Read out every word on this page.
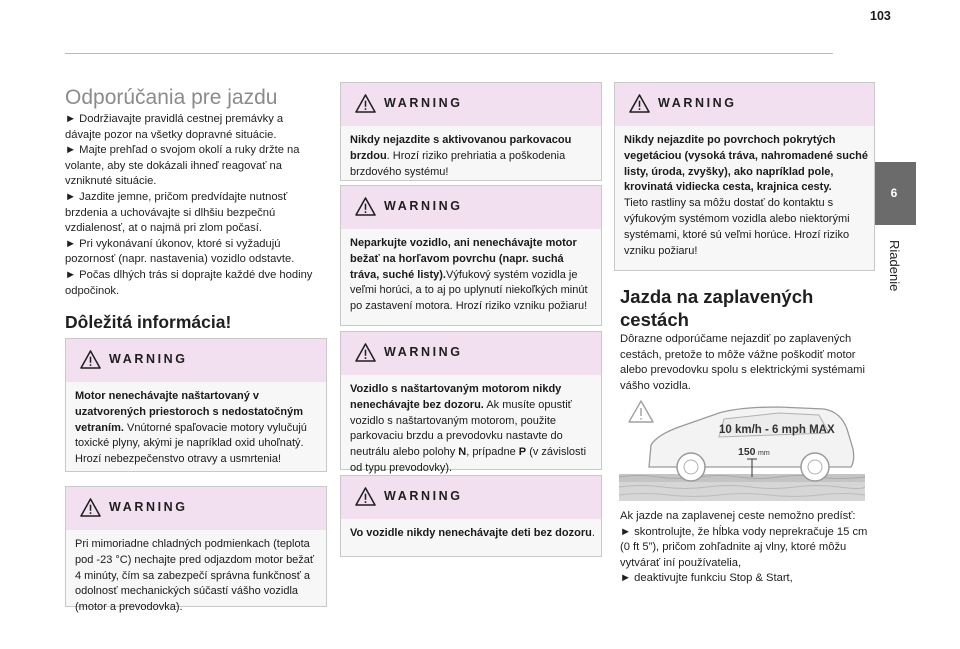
103
6
Riadenie
Odporúčania pre jazdu
► Dodržiavajte pravidlá cestnej premávky a dávajte pozor na všetky dopravné situácie.
► Majte prehľad o svojom okolí a ruky držte na volante, aby ste dokázali ihneď reagovať na vzniknuté situácie.
► Jazdite jemne, pričom predvídajte nutnosť brzdenia a uchovávajte si dlhšiu bezpečnú vzdialenosť, at o najmä pri zlom počasí.
► Pri vykonávaní úkonov, ktoré si vyžadujú pozornosť (napr. nastavenia) vozidlo odstavte.
► Počas dlhých trás si doprajte každé dve hodiny odpočinok.
Dôležitá informácia!
WARNING
Motor nenechávajte naštartovaný v uzatvorených priestoroch s nedostatočným vetraním. Vnútorné spaľovacie motory vylučujú toxické plyny, akými je napríklad oxid uhoľnatý. Hrozí nebezpečenstvo otravy a usmrtenia!
WARNING
Pri mimoriadne chladných podmienkach (teplota pod -23 °C) nechajte pred odjazdom motor bežať 4 minúty, čím sa zabezpečí správna funkčnosť a odolnosť mechanických súčastí vášho vozidla (motor a prevodovka).
WARNING
Nikdy nejazdite s aktivovanou parkovacou brzdou. Hrozí riziko prehriatia a poškodenia brzdového systému!
WARNING
Neparkujte vozidlo, ani nenechávajte motor bežať na horľavom povrchu (napr. suchá tráva, suché listy).Výfukový systém vozidla je veľmi horúci, a to aj po uplynutí niekoľkých minút po zastavení motora. Hrozí riziko vzniku požiaru!
WARNING
Vozidlo s naštartovaným motorom nikdy nenechávajte bez dozoru. Ak musíte opustiť vozidlo s naštartovaným motorom, použite parkovaciu brzdu a prevodovku nastavte do neutrálu alebo polohy N, prípadne P (v závislosti od typu prevodovky).
WARNING
Vo vozidle nikdy nenechávajte deti bez dozoru.
WARNING
Nikdy nejazdite po povrchoch pokrytých vegetáciou (vysoká tráva, nahromadené suché listy, úroda, zvyšky), ako napríklad pole, krovinatá vidiecka cesta, krajnica cesty.
Tieto rastliny sa môžu dostať do kontaktu s výfukovým systémom vozidla alebo niektorými systémami, ktoré sú veľmi horúce. Hrozí riziko vzniku požiaru!
Jazda na zaplavených
cestách
Dôrazne odporúčame nejazdiť po zaplavených cestách, pretože to môže vážne poškodiť motor alebo prevodovku spolu s elektrickými systémami vášho vozidla.
10 km/h - 6 mph MAX
150 mm
Ak jazde na zaplavenej ceste nemožno predísť:
► skontrolujte, že hĺbka vody neprekračuje 15 cm (0 ft 5”), pričom zohľadnite aj vlny, ktoré môžu vytvárať iní používatelia,
► deaktivujte funkciu Stop & Start,
